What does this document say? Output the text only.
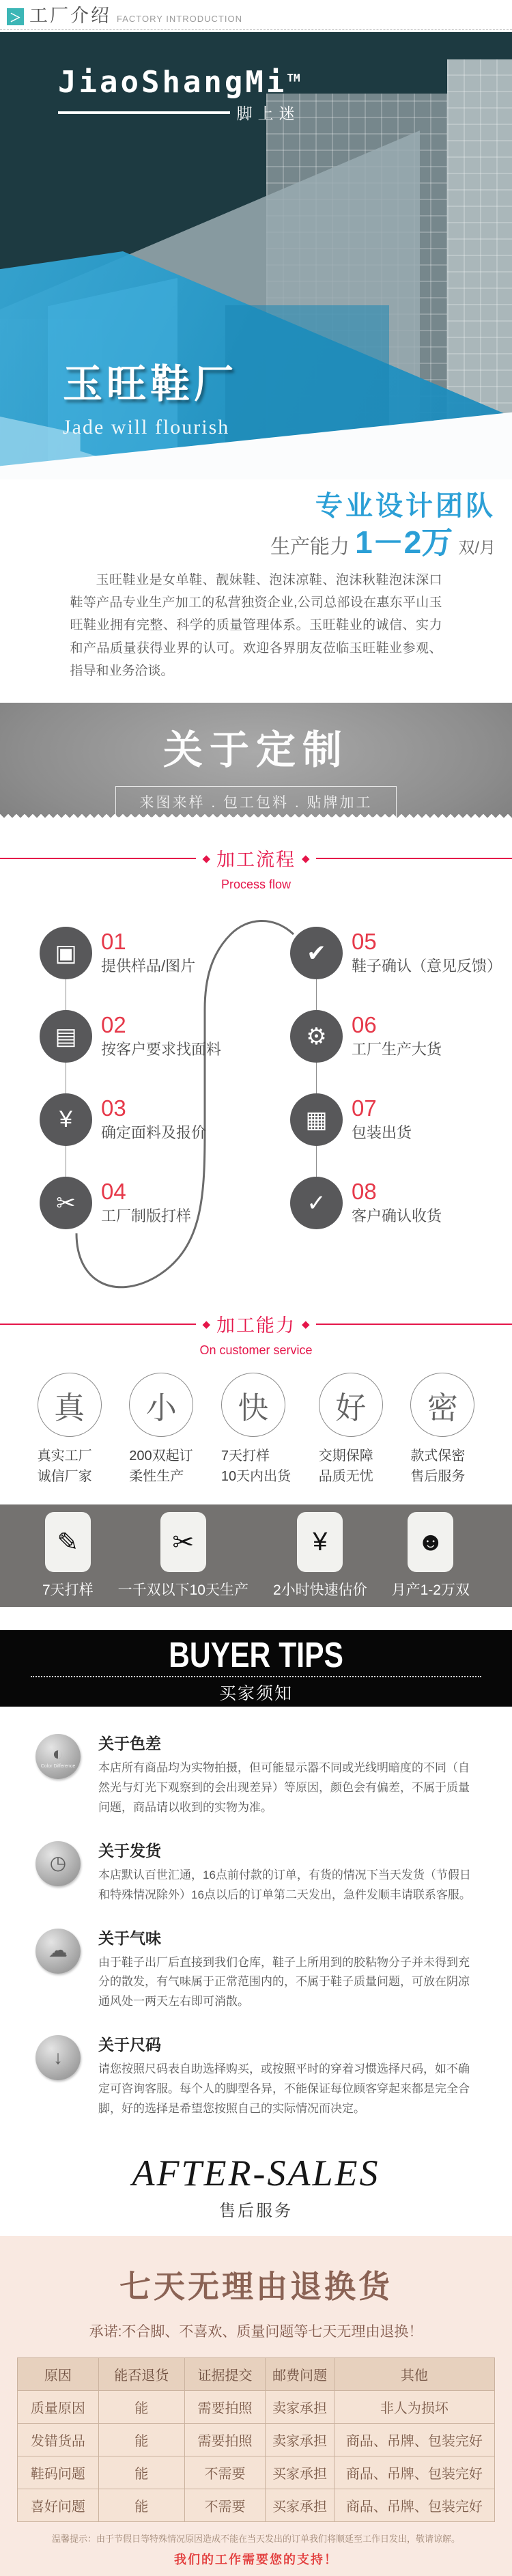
＞ 工厂介绍 FACTORY INTRODUCTION
JiaoShangMi™
脚上迷
玉旺鞋厂
Jade will flourish
专业设计团队
生产能力 1－2万 双/月
玉旺鞋业是女单鞋、靓妹鞋、泡沫凉鞋、泡沫秋鞋泡沫深口鞋等产品专业生产加工的私营独资企业,公司总部设在惠东平山玉旺鞋业拥有完整、科学的质量管理体系。玉旺鞋业的诚信、实力和产品质量获得业界的认可。欢迎各界朋友莅临玉旺鞋业参观、指导和业务洽谈。
关于定制
来图来样 . 包工包料 . 贴牌加工
◆ 加工流程 ◆
Process flow
▣ 01
提供样品/图片
▤ 02
按客户要求找面料
¥ 03
确定面料及报价
✂ 04
工厂制版打样
✔ 05
鞋子确认（意见反馈）
⚙ 06
工厂生产大货
▦ 07
包装出货
✓ 08
客户确认收货
◆ 加工能力 ◆
On customer service
真
真实工厂
诚信厂家
小
200双起订
柔性生产
快
7天打样
10天内出货
好
交期保障
品质无忧
密
款式保密
售后服务
✎
7天打样
✂
一千双以下10天生产
¥
2小时快速估价
☻
月产1-2万双
BUYER TIPS
买家须知
◐
Color Difference
关于色差
本店所有商品均为实物拍摄，但可能显示器不同或光线明暗度的不同（自然光与灯光下观察到的会出现差异）等原因，颜色会有偏差，不属于质量问题，商品请以收到的实物为准。
◷
关于发货
本店默认百世汇通，16点前付款的订单，有货的情况下当天发货（节假日和特殊情况除外）16点以后的订单第二天发出，急件发顺丰请联系客服。
☁
关于气味
由于鞋子出厂后直接到我们仓库，鞋子上所用到的胶粘物分子并未得到充分的散发，有气味属于正常范围内的，不属于鞋子质量问题，可放在阴凉通风处一两天左右即可消散。
↓
关于尺码
请您按照尺码表自助选择购买，或按照平时的穿着习惯选择尺码，如不确定可咨询客服。每个人的脚型各异，不能保证每位顾客穿起来都是完全合脚，好的选择是希望您按照自己的实际情况而决定。
AFTER-SALES
售后服务
七天无理由退换货
承诺:不合脚、不喜欢、质量问题等七天无理由退换！
原因	能否退货	证据提交	邮费问题	其他
质量原因	能	需要拍照	卖家承担	非人为损坏
发错货品	能	需要拍照	卖家承担	商品、吊牌、包装完好
鞋码问题	能	不需要	买家承担	商品、吊牌、包装完好
喜好问题	能	不需要	买家承担	商品、吊牌、包装完好
温馨提示：由于节假日等特殊情况原因造成不能在当天发出的订单我们将顺延至工作日发出，敬请谅解。
我们的工作需要您的支持！
